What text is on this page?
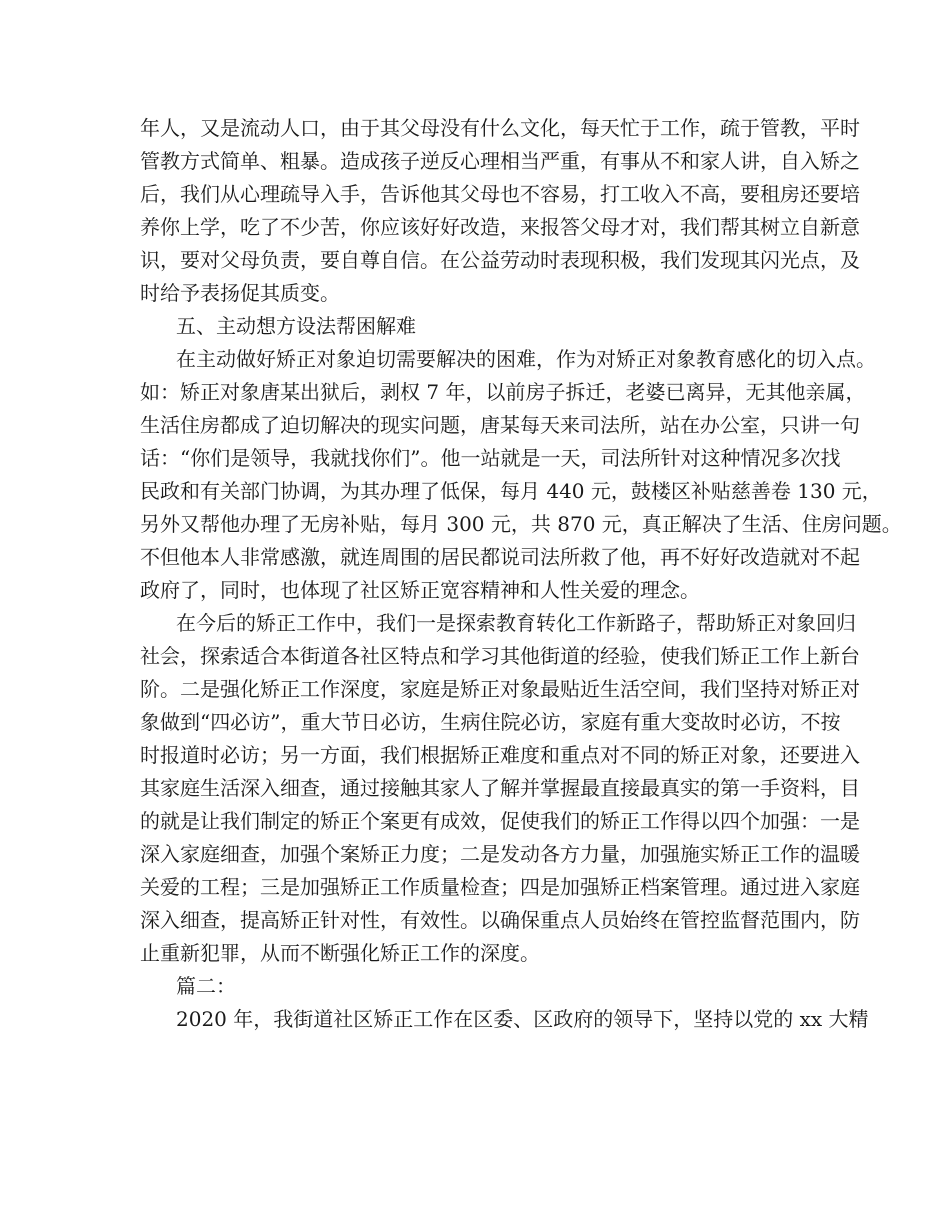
年人，又是流动人口，由于其父母没有什么文化，每天忙于工作，疏于管教，平时
管教方式简单、粗暴。造成孩子逆反心理相当严重，有事从不和家人讲，自入矫之
后，我们从心理疏导入手，告诉他其父母也不容易，打工收入不高，要租房还要培
养你上学，吃了不少苦，你应该好好改造，来报答父母才对，我们帮其树立自新意
识，要对父母负责，要自尊自信。在公益劳动时表现积极，我们发现其闪光点，及
时给予表扬促其质变。
五、主动想方设法帮困解难
在主动做好矫正对象迫切需要解决的困难，作为对矫正对象教育感化的切入点。
如：矫正对象唐某出狱后，剥权 7 年，以前房子拆迁，老婆已离异，无其他亲属，
生活住房都成了迫切解决的现实问题，唐某每天来司法所，站在办公室，只讲一句
话：“你们是领导，我就找你们”。他一站就是一天，司法所针对这种情况多次找
民政和有关部门协调，为其办理了低保，每月 440 元，鼓楼区补贴慈善卷 130 元，
另外又帮他办理了无房补贴，每月 300 元，共 870 元，真正解决了生活、住房问题。
不但他本人非常感激，就连周围的居民都说司法所救了他，再不好好改造就对不起
政府了，同时，也体现了社区矫正宽容精神和人性关爱的理念。
在今后的矫正工作中，我们一是探索教育转化工作新路子，帮助矫正对象回归
社会，探索适合本街道各社区特点和学习其他街道的经验，使我们矫正工作上新台
阶。二是强化矫正工作深度，家庭是矫正对象最贴近生活空间，我们坚持对矫正对
象做到“四必访”，重大节日必访，生病住院必访，家庭有重大变故时必访，不按
时报道时必访；另一方面，我们根据矫正难度和重点对不同的矫正对象，还要进入
其家庭生活深入细查，通过接触其家人了解并掌握最直接最真实的第一手资料，目
的就是让我们制定的矫正个案更有成效，促使我们的矫正工作得以四个加强：一是
深入家庭细查，加强个案矫正力度；二是发动各方力量，加强施实矫正工作的温暖
关爱的工程；三是加强矫正工作质量检查；四是加强矫正档案管理。通过进入家庭
深入细查，提高矫正针对性，有效性。以确保重点人员始终在管控监督范围内，防
止重新犯罪，从而不断强化矫正工作的深度。
篇二：
2020 年，我街道社区矫正工作在区委、区政府的领导下，坚持以党的 xx 大精
